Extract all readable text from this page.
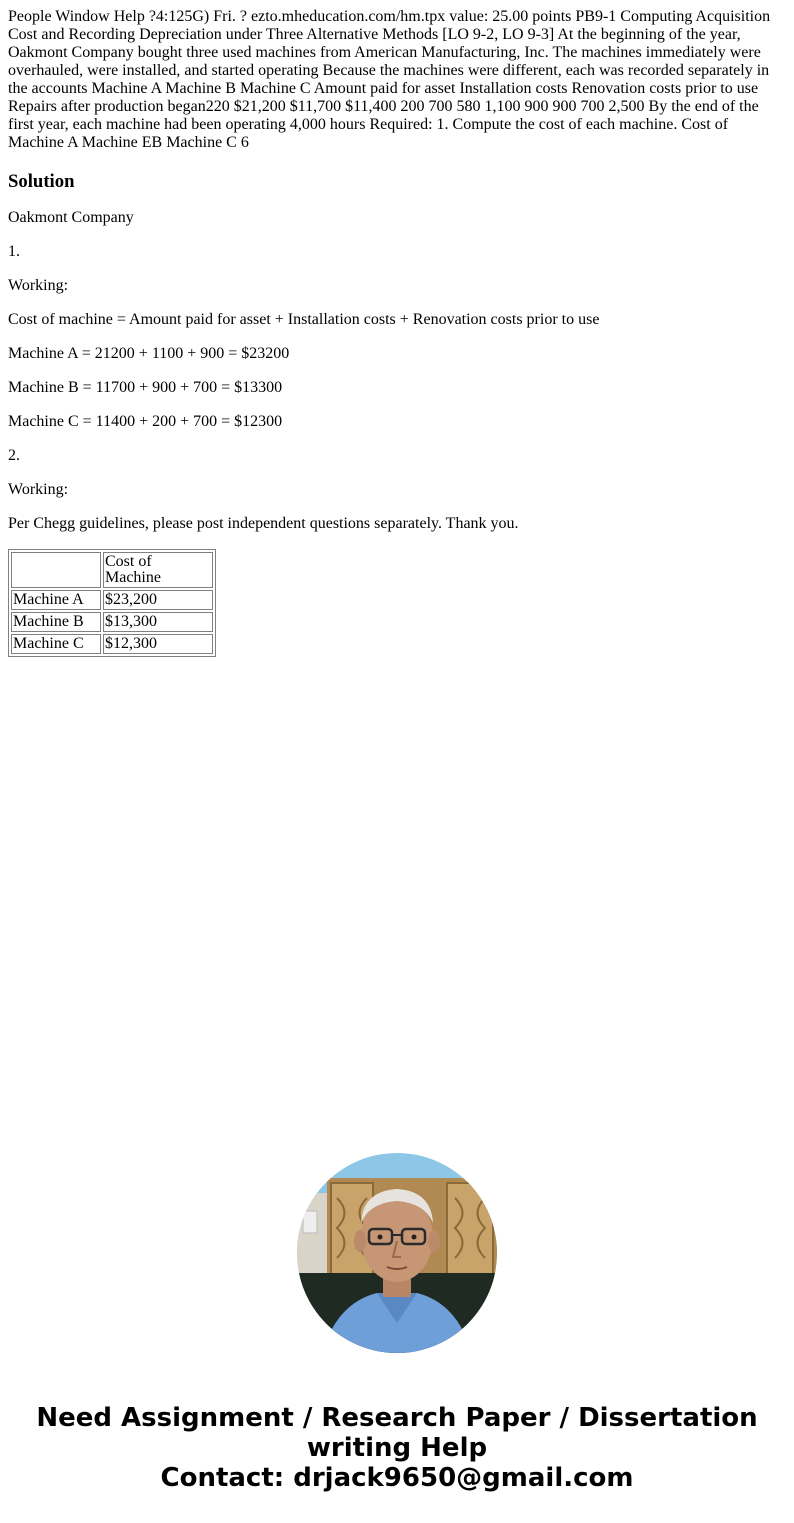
People Window Help ?4:125G) Fri. ? ezto.mheducation.com/hm.tpx value: 25.00 points PB9-1 Computing Acquisition Cost and Recording Depreciation under Three Alternative Methods [LO 9-2, LO 9-3] At the beginning of the year, Oakmont Company bought three used machines from American Manufacturing, Inc. The machines immediately were overhauled, were installed, and started operating Because the machines were different, each was recorded separately in the accounts Machine A Machine B Machine C Amount paid for asset Installation costs Renovation costs prior to use Repairs after production began220 $21,200 $11,700 $11,400 200 700 580 1,100 900 900 700 2,500 By the end of the first year, each machine had been operating 4,000 hours Required: 1. Compute the cost of each machine. Cost of Machine A Machine EB Machine C 6

Solution

Oakmont Company

1.

Working:

Cost of machine = Amount paid for asset + Installation costs + Renovation costs prior to use

Machine A = 21200 + 1100 + 900 = $23200

Machine B = 11700 + 900 + 700 = $13300

Machine C = 11400 + 200 + 700 = $12300

2.

Working:

Per Chegg guidelines, please post independent questions separately. Thank you.

	Cost of Machine
Machine A	$23,200
Machine B	$13,300
Machine C	$12,300
Need Assignment / Research Paper / Dissertation
writing Help
Contact: drjack9650@gmail.com
